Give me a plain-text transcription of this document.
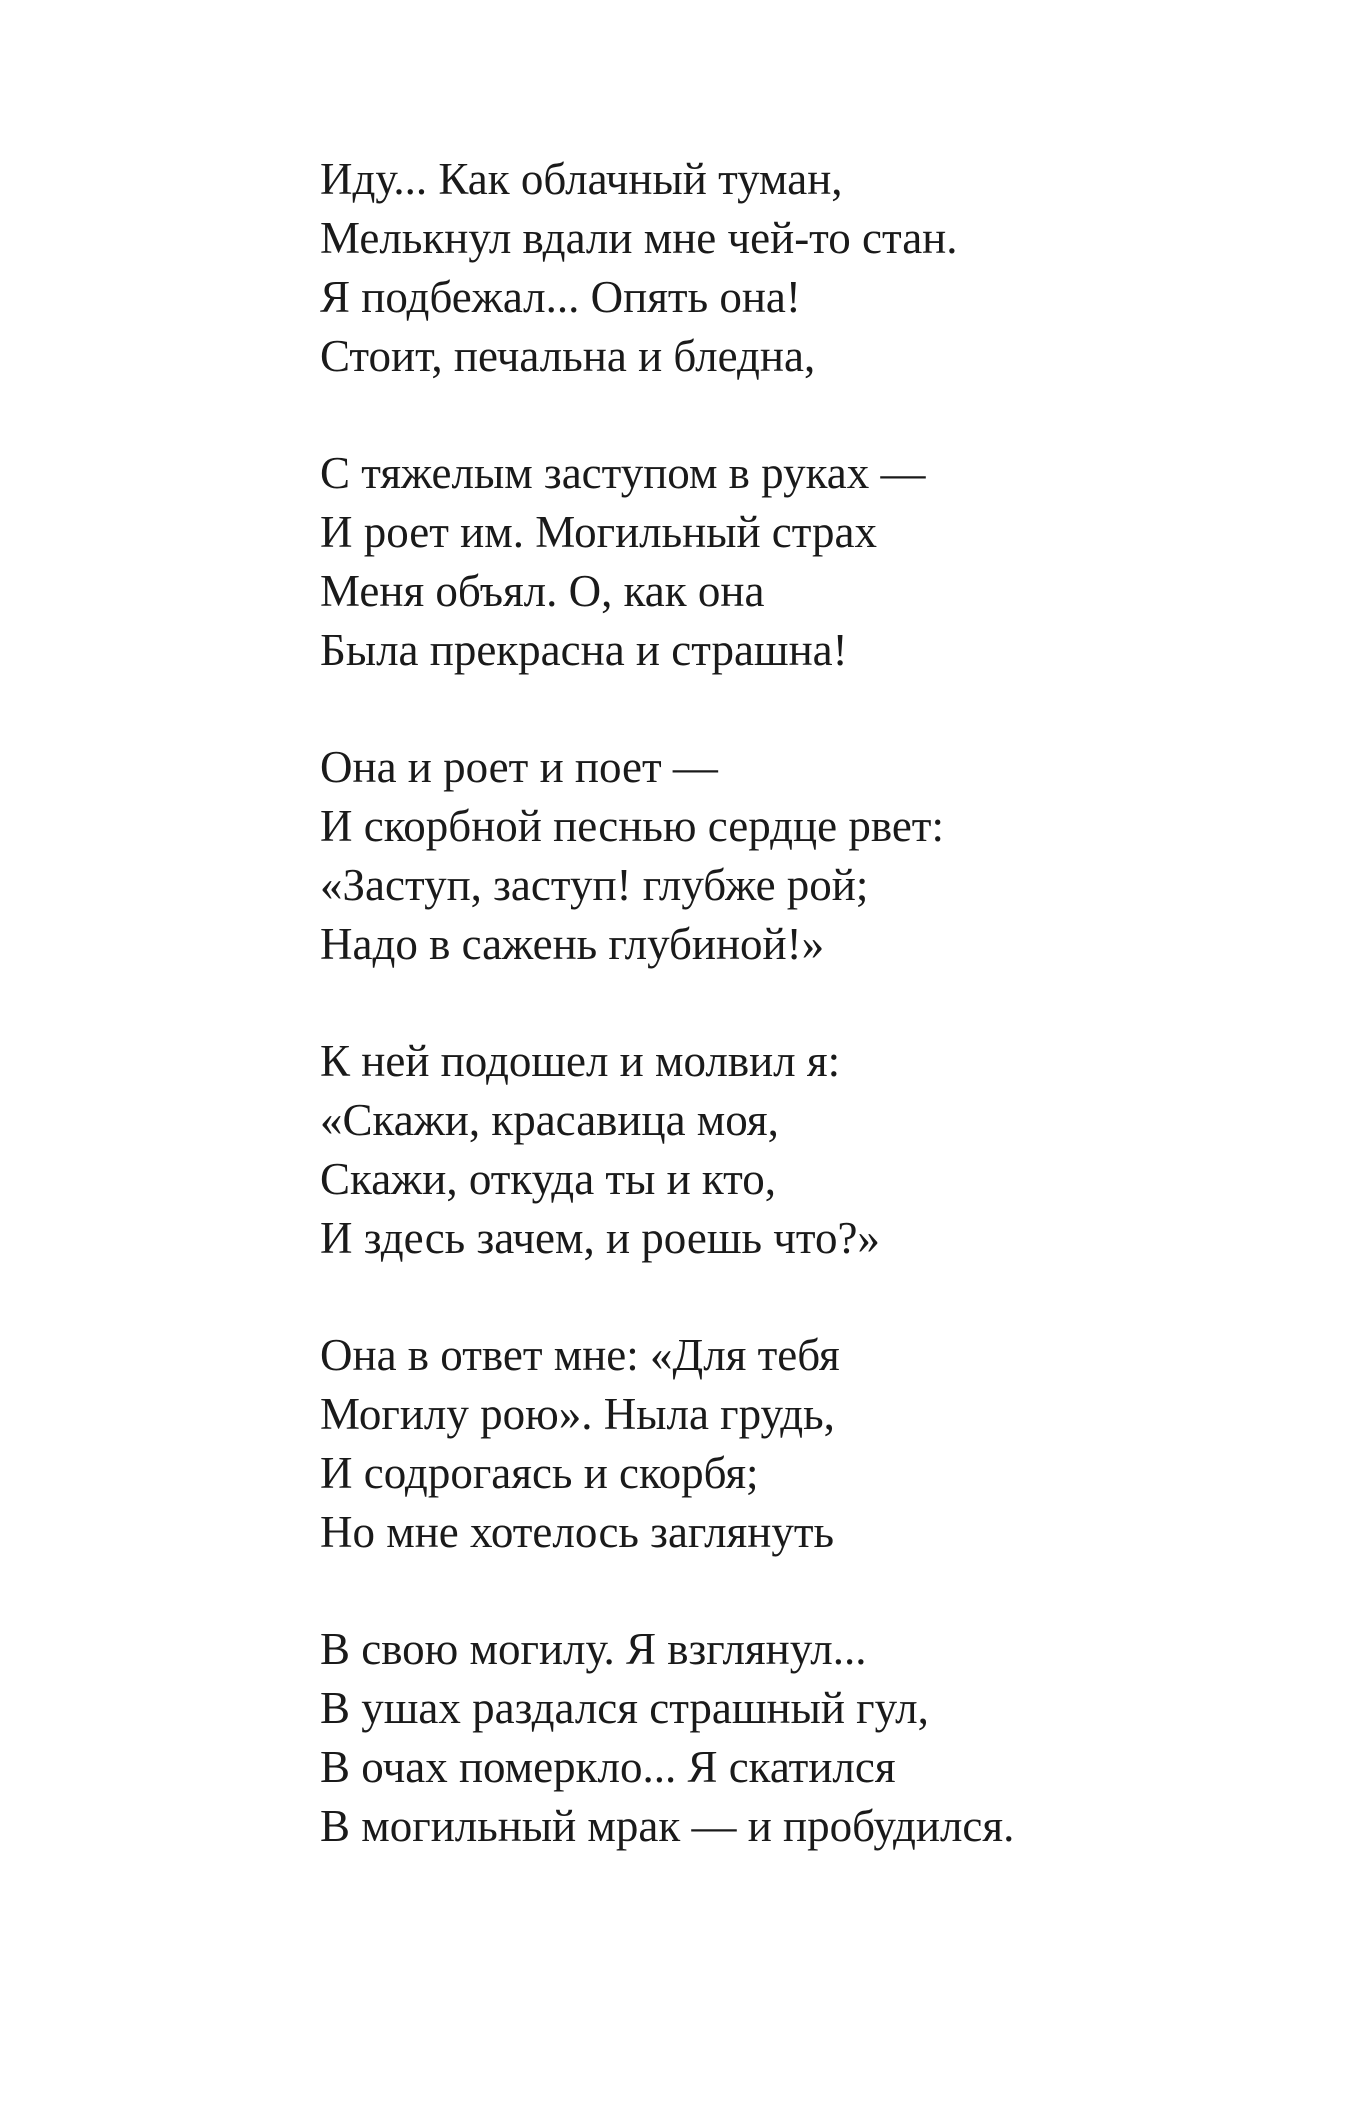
Иду... Как облачный туман,
Мелькнул вдали мне чей-то стан.
Я подбежал... Опять она!
Стоит, печальна и бледна,
С тяжелым заступом в руках —
И роет им. Могильный страх
Меня объял. О, как она
Была прекрасна и страшна!
Она и роет и поет —
И скорбной песнью сердце рвет:
«Заступ, заступ! глубже рой;
Надо в сажень глубиной!»
К ней подошел и молвил я:
«Скажи, красавица моя,
Скажи, откуда ты и кто,
И здесь зачем, и роешь что?»
Она в ответ мне: «Для тебя
Могилу рою». Ныла грудь,
И содрогаясь и скорбя;
Но мне хотелось заглянуть
В свою могилу. Я взглянул...
В ушах раздался страшный гул,
В очах померкло... Я скатился
В могильный мрак — и пробудился.
